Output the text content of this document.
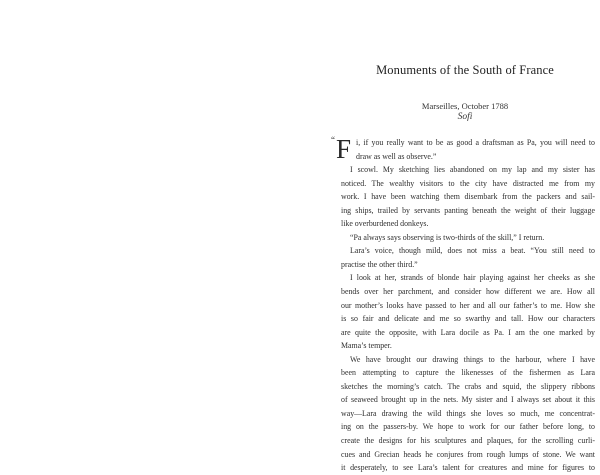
Monuments of the South of France
Marseilles, October 1788
Sofi
“ F i, if you really want to be as good a draftsman as Pa, you will need to
draw as well as observe.”
I scowl. My sketching lies abandoned on my lap and my sister has
noticed. The wealthy visitors to the city have distracted me from my
work. I have been watching them disembark from the packers and sail-
ing ships, trailed by servants panting beneath the weight of their luggage
like overburdened donkeys.
“Pa always says observing is two-thirds of the skill,” I return.
Lara’s voice, though mild, does not miss a beat. “You still need to
practise the other third.”
I look at her, strands of blonde hair playing against her cheeks as she
bends over her parchment, and consider how different we are. How all
our mother’s looks have passed to her and all our father’s to me. How she
is so fair and delicate and me so swarthy and tall. How our characters
are quite the opposite, with Lara docile as Pa. I am the one marked by
Mama’s temper.
We have brought our drawing things to the harbour, where I have
been attempting to capture the likenesses of the fishermen as Lara
sketches the morning’s catch. The crabs and squid, the slippery ribbons
of seaweed brought up in the nets. My sister and I always set about it this
way—Lara drawing the wild things she loves so much, me concentrat-
ing on the passers-by. We hope to work for our father before long, to
create the designs for his sculptures and plaques, for the scrolling curli-
cues and Grecian heads he conjures from rough lumps of stone. We want
it desperately, to see Lara’s talent for creatures and mine for figures to
